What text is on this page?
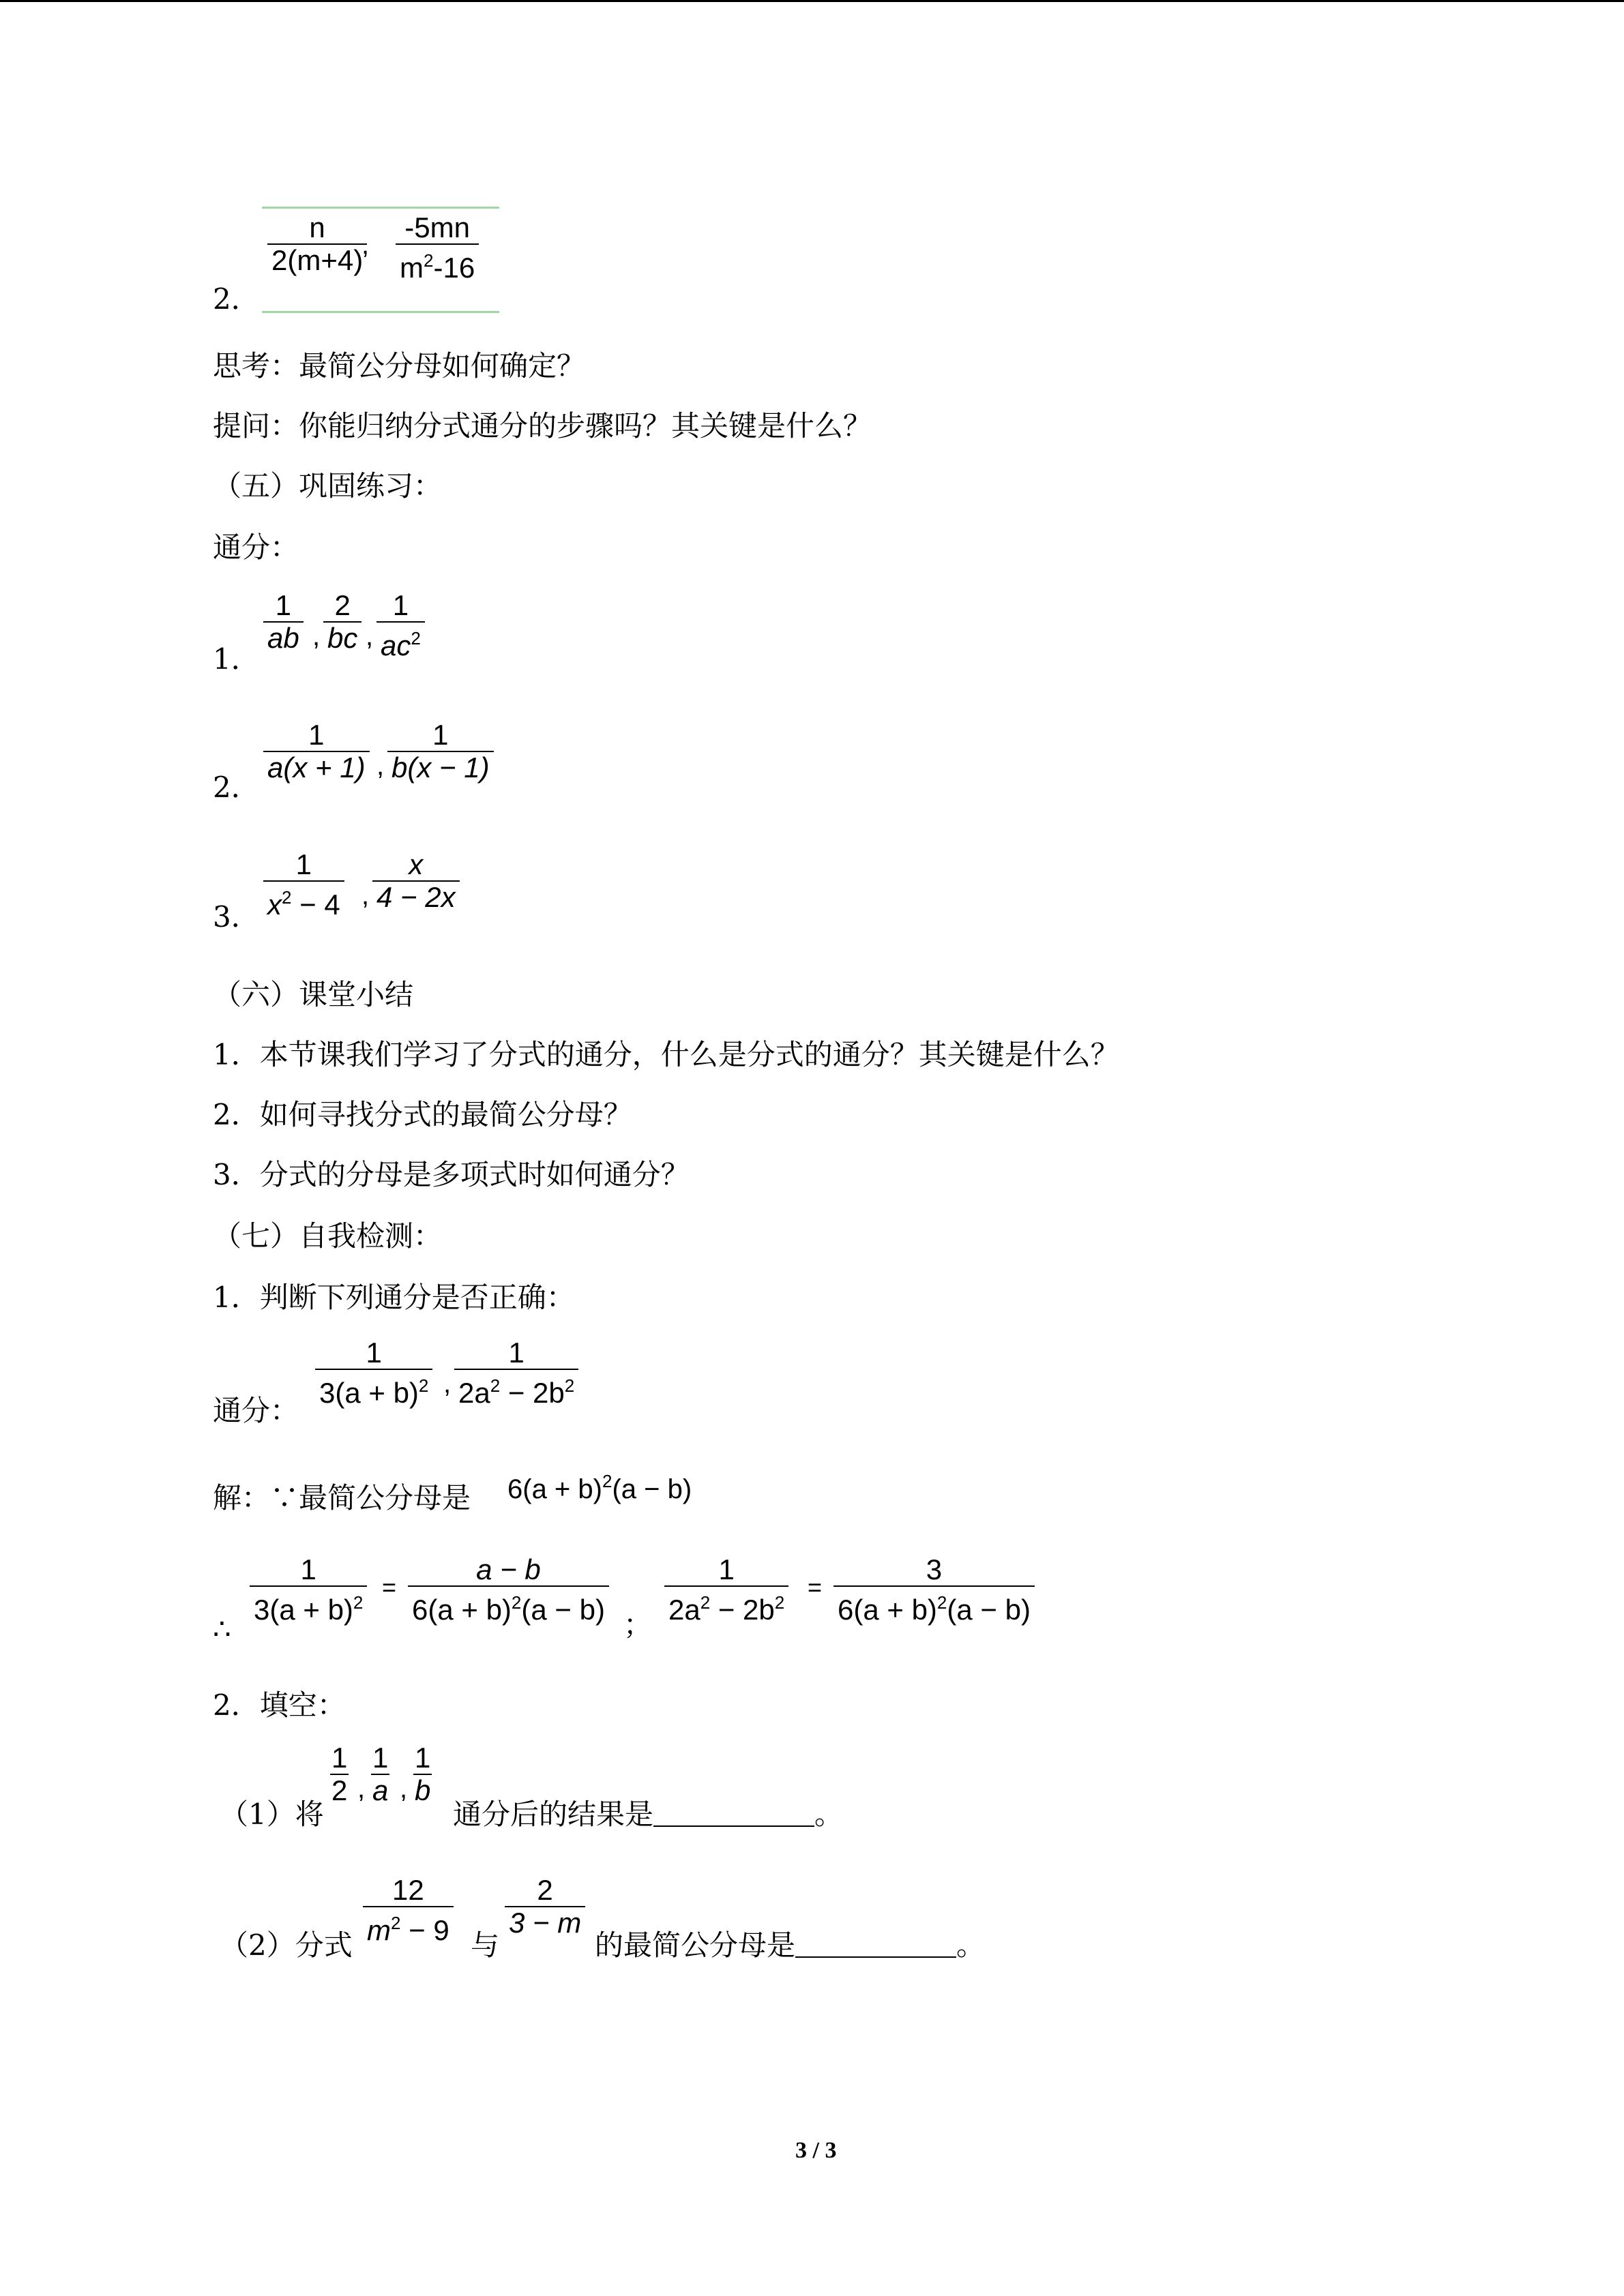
2．
$\frac{n}{2(m+4)}$
, $\frac{-5mn}{m^2-16}$
思考：最简公分母如何确定？
提问：你能归纳分式通分的步骤吗？其关键是什么？
（五）巩固练习：
通分：
1．
$\frac{1}{ab}$ , $\frac{2}{bc}$ , $\frac{1}{ac^2}$
2．
$\frac{1}{a(x + 1)}$ , $\frac{1}{b(x - 1)}$
3． $\frac{1}{x^2 - 4}$ , $\frac{x}{4 - 2x}$
（六）课堂小结
1．本节课我们学习了分式的通分，什么是分式的通分？其关键是什么？
2．如何寻找分式的最简公分母？
3．分式的分母是多项式时如何通分？
（七）自我检测：
1．判断下列通分是否正确：
通分：
$\frac{1}{3(a + b)^2}$ , $\frac{1}{2a^2 - 2b^2}$
解：∵最简公分母是 $6(a + b)^2(a - b)$
∴
$\frac{1}{3(a + b)^2} = \frac{a - b}{6(a + b)^2(a - b)}$ ； $\frac{1}{2a^2 - 2b^2} = \frac{3}{6(a + b)^2(a - b)}$
2．填空：
（1）将
$\frac{1}{2}$ , $\frac{1}{a}$ , $\frac{1}{b}$
通分后的结果是	。
（2）分式 $\frac{12}{m^2 - 9}$ 与
$\frac{2}{3 - m}$
的最简公分母是	。
3 / 3
